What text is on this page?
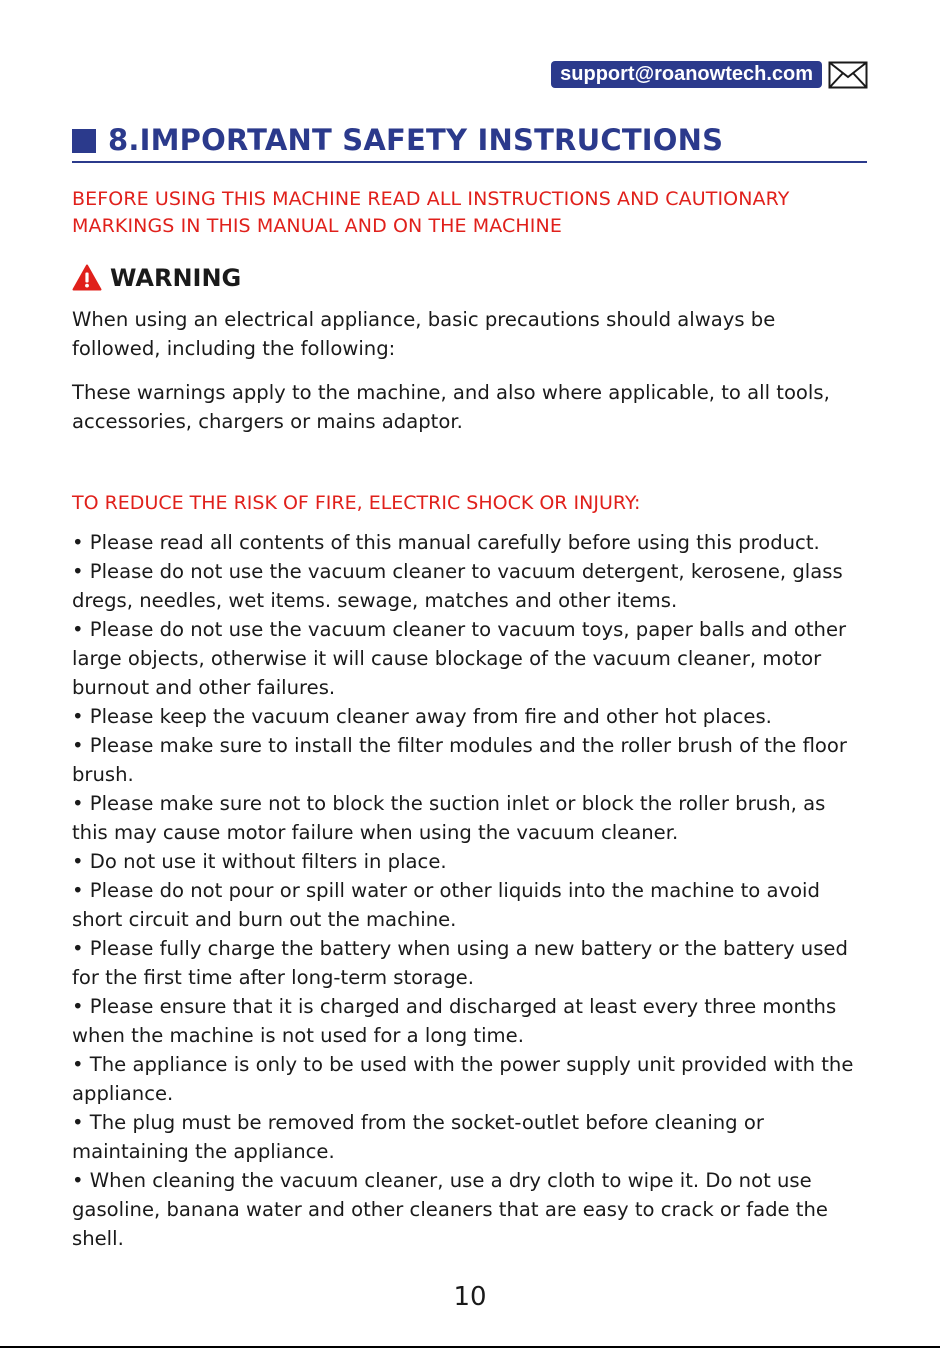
support@roanowtech.com
8.IMPORTANT SAFETY INSTRUCTIONS
BEFORE USING THIS MACHINE READ ALL INSTRUCTIONS AND CAUTIONARY MARKINGS IN THIS MANUAL AND ON THE MACHINE
WARNING

When using an electrical appliance, basic precautions should always be followed, including the following:

These warnings apply to the machine, and also where applicable, to all tools, accessories, chargers or mains adaptor.

TO REDUCE THE RISK OF FIRE, ELECTRIC SHOCK OR INJURY:
• Please read all contents of this manual carefully before using this product.
• Please do not use the vacuum cleaner to vacuum detergent, kerosene, glass dregs, needles, wet items. sewage, matches and other items.
• Please do not use the vacuum cleaner to vacuum toys, paper balls and other large objects, otherwise it will cause blockage of the vacuum cleaner, motor burnout and other failures.
• Please keep the vacuum cleaner away from fire and other hot places.
• Please make sure to install the filter modules and the roller brush of the floor brush.
• Please make sure not to block the suction inlet or block the roller brush, as this may cause motor failure when using the vacuum cleaner.
• Do not use it without filters in place.
• Please do not pour or spill water or other liquids into the machine to avoid short circuit and burn out the machine.
• Please fully charge the battery when using a new battery or the battery used for the first time after long-term storage.
• Please ensure that it is charged and discharged at least every three months when the machine is not used for a long time.
• The appliance is only to be used with the power supply unit provided with the appliance.
• The plug must be removed from the socket-outlet before cleaning or maintaining the appliance.
• When cleaning the vacuum cleaner, use a dry cloth to wipe it. Do not use gasoline, banana water and other cleaners that are easy to crack or fade the shell.
10
